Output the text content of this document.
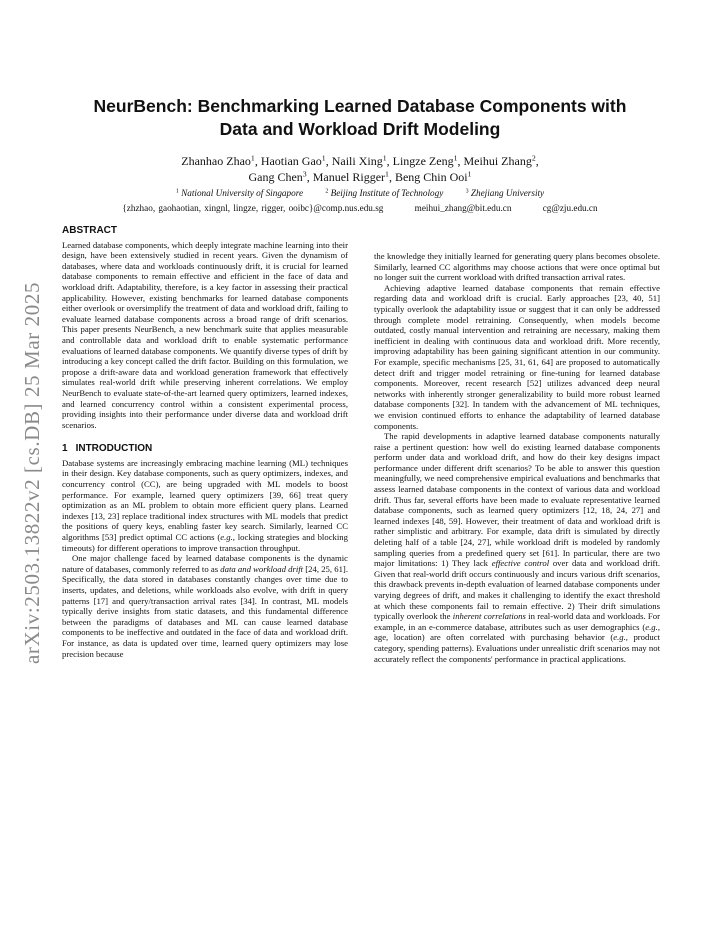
arXiv:2503.13822v2 [cs.DB] 25 Mar 2025
NeurBench: Benchmarking Learned Database Components with
Data and Workload Drift Modeling
Zhanhao Zhao$^1$, Haotian Gao$^1$, Naili Xing$^1$, Lingze Zeng$^1$, Meihui Zhang$^2$,
Gang Chen$^3$, Manuel Rigger$^1$, Beng Chin Ooi$^1$
$^1$ National University of Singapore	$^2$ Beijing Institute of Technology	$^3$ Zhejiang University
{zhzhao, gaohaotian, xingnl, lingze, rigger, ooibc}@comp.nus.edu.sg	meihui_zhang@bit.edu.cn	cg@zju.edu.cn
ABSTRACT

Learned database components, which deeply integrate machine learning into their design, have been extensively studied in recent years. Given the dynamism of databases, where data and workloads continuously drift, it is crucial for learned database components to remain effective and efficient in the face of data and workload drift. Adaptability, therefore, is a key factor in assessing their practical applicability. However, existing benchmarks for learned database components either overlook or oversimplify the treatment of data and workload drift, failing to evaluate learned database components across a broad range of drift scenarios. This paper presents NeurBench, a new benchmark suite that applies measurable and controllable data and workload drift to enable systematic performance evaluations of learned database components. We quantify diverse types of drift by introducing a key concept called the drift factor. Building on this formulation, we propose a drift-aware data and workload generation framework that effectively simulates real-world drift while preserving inherent correlations. We employ NeurBench to evaluate state-of-the-art learned query optimizers, learned indexes, and learned concurrency control within a consistent experimental process, providing insights into their performance under diverse data and workload drift scenarios.

1 INTRODUCTION

Database systems are increasingly embracing machine learning (ML) techniques in their design. Key database components, such as query optimizers, indexes, and concurrency control (CC), are being upgraded with ML models to boost performance. For example, learned query optimizers [39, 66] treat query optimization as an ML problem to obtain more efficient query plans. Learned indexes [13, 23] replace traditional index structures with ML models that predict the positions of query keys, enabling faster key search. Similarly, learned CC algorithms [53] predict optimal CC actions (e.g., locking strategies and blocking timeouts) for different operations to improve transaction throughput.

One major challenge faced by learned database components is the dynamic nature of databases, commonly referred to as data and workload drift [24, 25, 61]. Specifically, the data stored in databases constantly changes over time due to inserts, updates, and deletions, while workloads also evolve, with drift in query patterns [17] and query/transaction arrival rates [34]. In contrast, ML models typically derive insights from static datasets, and this fundamental difference between the paradigms of databases and ML can cause learned database components to be ineffective and outdated in the face of data and workload drift. For instance, as data is updated over time, learned query optimizers may lose precision because

the knowledge they initially learned for generating query plans becomes obsolete. Similarly, learned CC algorithms may choose actions that were once optimal but no longer suit the current workload with drifted transaction arrival rates.

Achieving adaptive learned database components that remain effective regarding data and workload drift is crucial. Early approaches [23, 40, 51] typically overlook the adaptability issue or suggest that it can only be addressed through complete model retraining. Consequently, when models become outdated, costly manual intervention and retraining are necessary, making them inefficient in dealing with continuous data and workload drift. More recently, improving adaptability has been gaining significant attention in our community. For example, specific mechanisms [25, 31, 61, 64] are proposed to automatically detect drift and trigger model retraining or fine-tuning for learned database components. Moreover, recent research [52] utilizes advanced deep neural networks with inherently stronger generalizability to build more robust learned database components [32]. In tandem with the advancement of ML techniques, we envision continued efforts to enhance the adaptability of learned database components.

The rapid developments in adaptive learned database components naturally raise a pertinent question: how well do existing learned database components perform under data and workload drift, and how do their key designs impact performance under different drift scenarios? To be able to answer this question meaningfully, we need comprehensive empirical evaluations and benchmarks that assess learned database components in the context of various data and workload drift. Thus far, several efforts have been made to evaluate representative learned database components, such as learned query optimizers [12, 18, 24, 27] and learned indexes [48, 59]. However, their treatment of data and workload drift is rather simplistic and arbitrary. For example, data drift is simulated by directly deleting half of a table [24, 27], while workload drift is modeled by randomly sampling queries from a predefined query set [61]. In particular, there are two major limitations: 1) They lack effective control over data and workload drift. Given that real-world drift occurs continuously and incurs various drift scenarios, this drawback prevents in-depth evaluation of learned database components under varying degrees of drift, and makes it challenging to identify the exact threshold at which these components fail to remain effective. 2) Their drift simulations typically overlook the inherent correlations in real-world data and workloads. For example, in an e-commerce database, attributes such as user demographics (e.g., age, location) are often correlated with purchasing behavior (e.g., product category, spending patterns). Evaluations under unrealistic drift scenarios may not accurately reflect the components' performance in practical applications.
